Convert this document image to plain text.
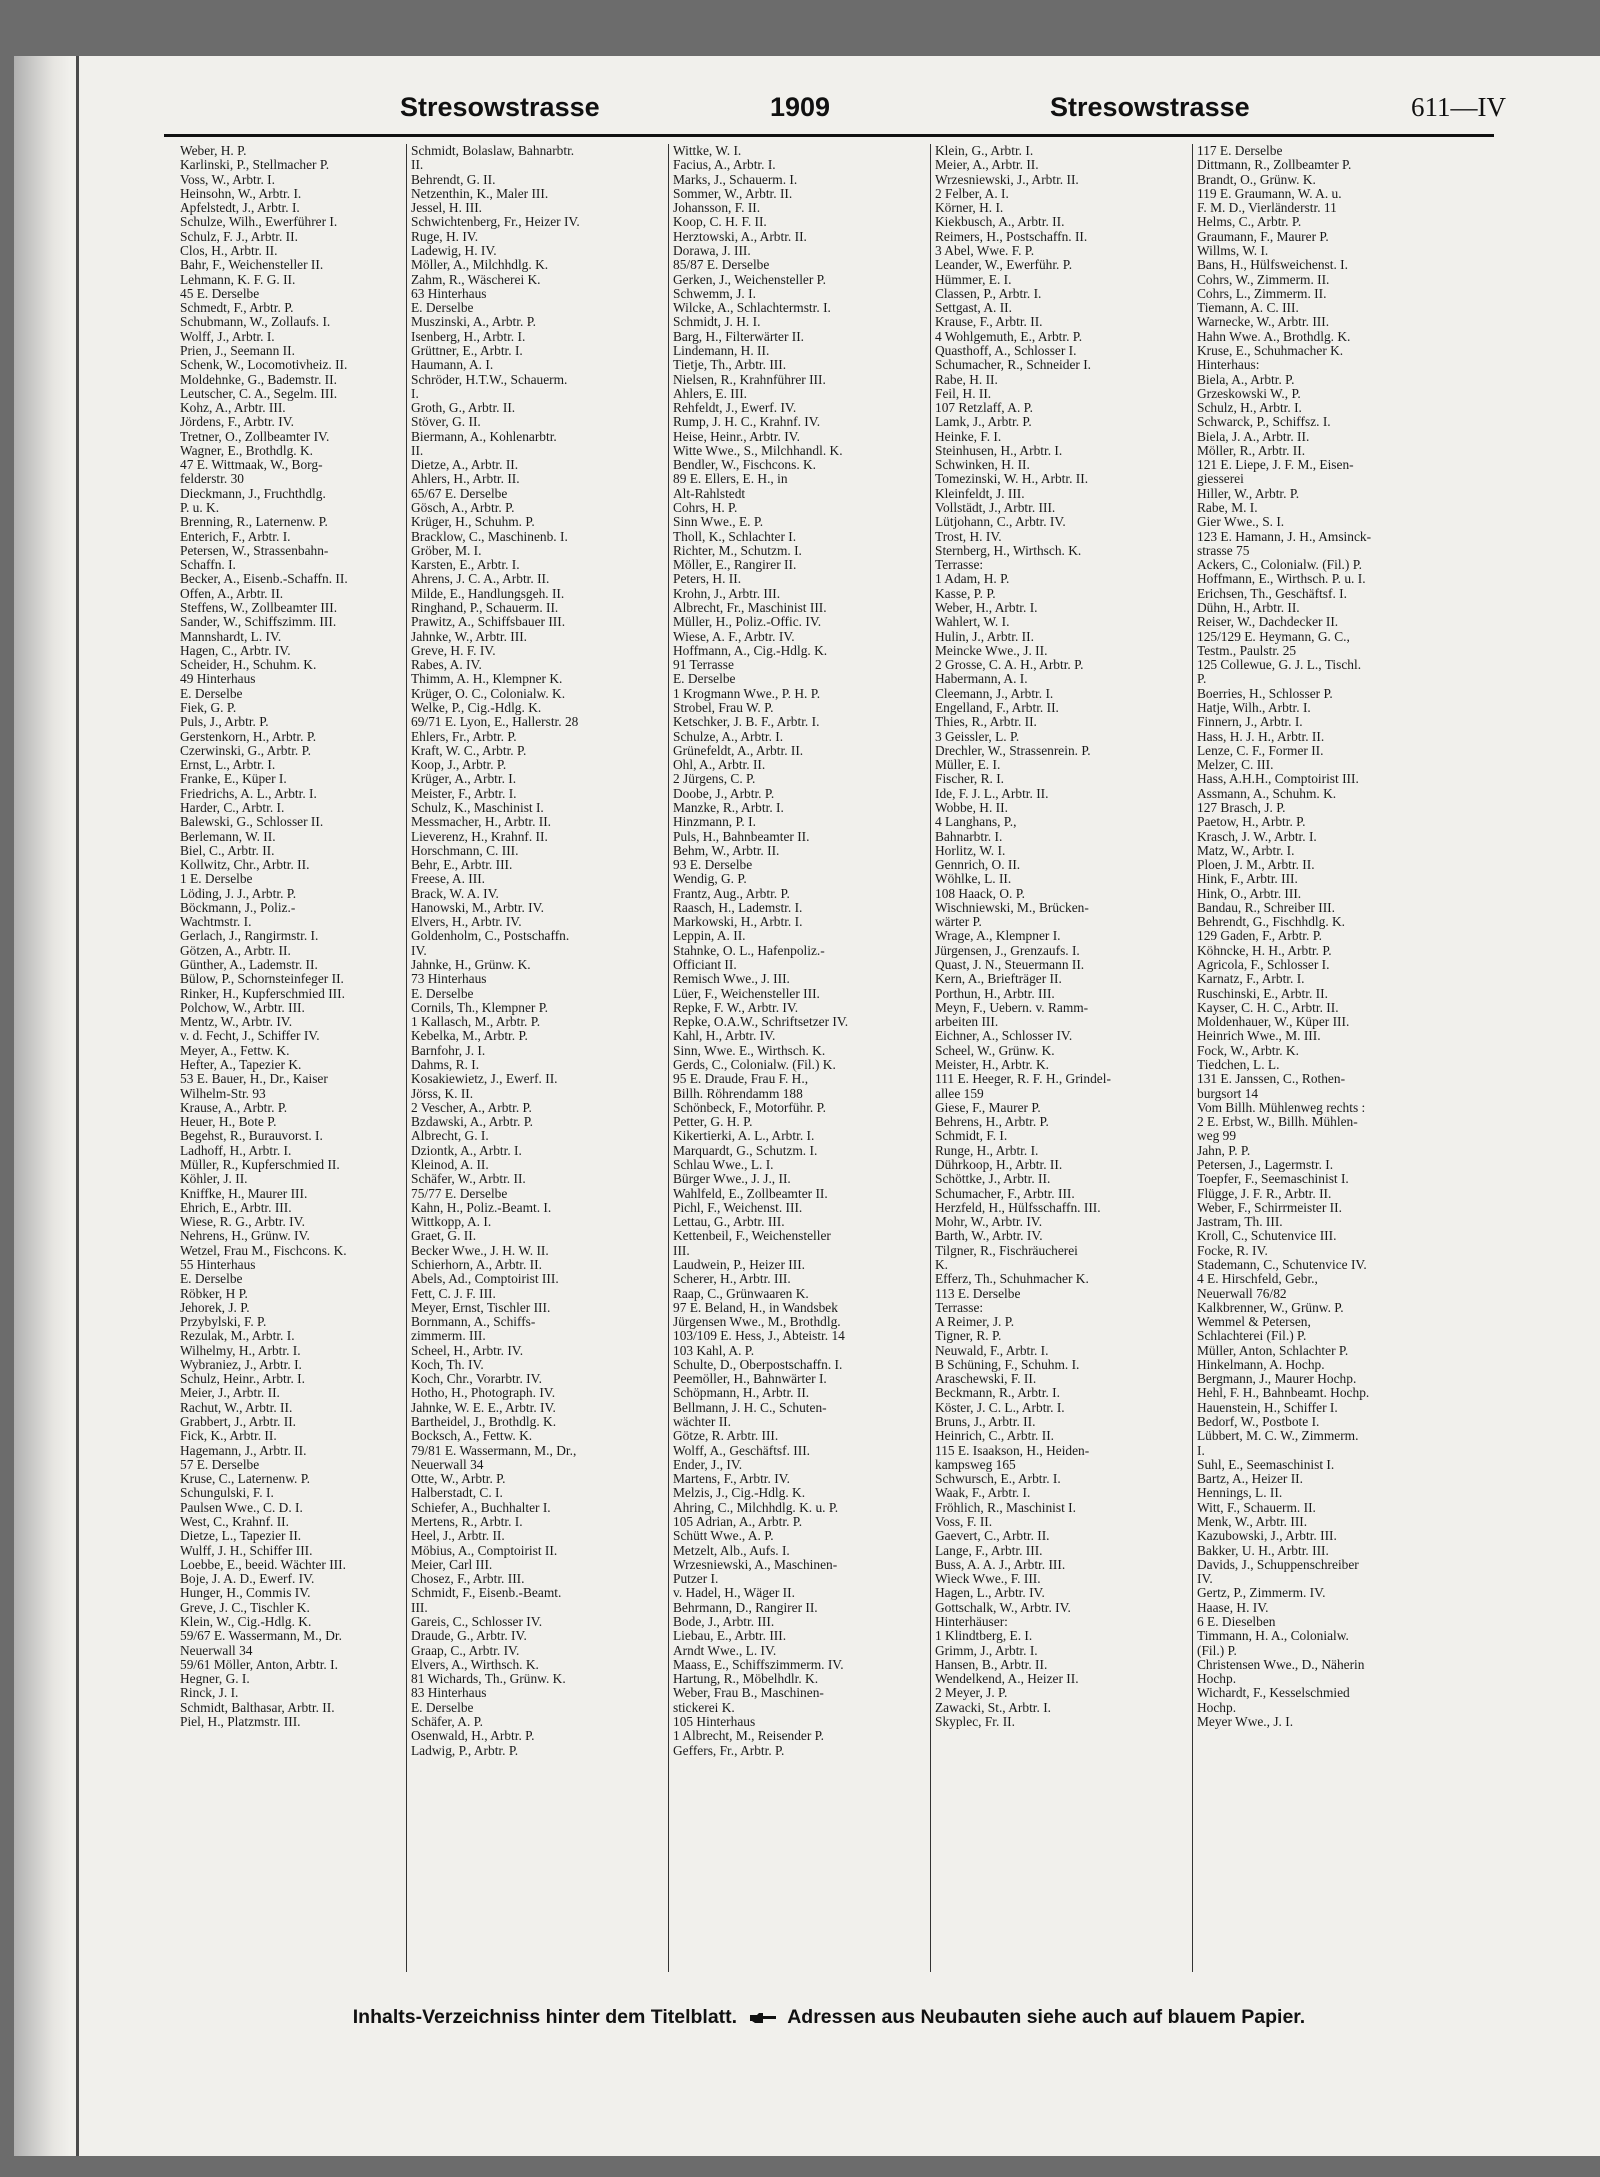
Stresowstrasse	1909	Stresowstrasse	611—IV
Weber, H. P.
Karlinski, P., Stellmacher P.
Voss, W., Arbtr. I.
Heinsohn, W., Arbtr. I.
Apfelstedt, J., Arbtr. I.
Schulze, Wilh., Ewerführer I.
Schulz, F. J., Arbtr. II.
Clos, H., Arbtr. II.
Bahr, F., Weichensteller II.
Lehmann, K. F. G. II.
45 E. Derselbe
Schmedt, F., Arbtr. P.
Schubmann, W., Zollaufs. I.
Wolff, J., Arbtr. I.
Prien, J., Seemann II.
Schenk, W., Locomotivheiz. II.
Moldehnke, G., Bademstr. II.
Leutscher, C. A., Segelm. III.
Kohz, A., Arbtr. III.
Jördens, F., Arbtr. IV.
Tretner, O., Zollbeamter IV.
Wagner, E., Brothdlg. K.
47 E. Wittmaak, W., Borg-
felderstr. 30
Dieckmann, J., Fruchthdlg.
P. u. K.
Brenning, R., Laternenw. P.
Enterich, F., Arbtr. I.
Petersen, W., Strassenbahn-
Schaffn. I.
Becker, A., Eisenb.-Schaffn. II.
Offen, A., Arbtr. II.
Steffens, W., Zollbeamter III.
Sander, W., Schiffszimm. III.
Mannshardt, L. IV.
Hagen, C., Arbtr. IV.
Scheider, H., Schuhm. K.
49 Hinterhaus
E. Derselbe
Fiek, G. P.
Puls, J., Arbtr. P.
Gerstenkorn, H., Arbtr. P.
Czerwinski, G., Arbtr. P.
Ernst, L., Arbtr. I.
Franke, E., Küper I.
Friedrichs, A. L., Arbtr. I.
Harder, C., Arbtr. I.
Balewski, G., Schlosser II.
Berlemann, W. II.
Biel, C., Arbtr. II.
Kollwitz, Chr., Arbtr. II.
1 E. Derselbe
Löding, J. J., Arbtr. P.
Böckmann, J., Poliz.-
Wachtmstr. I.
Gerlach, J., Rangirmstr. I.
Götzen, A., Arbtr. II.
Günther, A., Lademstr. II.
Bülow, P., Schornsteinfeger II.
Rinker, H., Kupferschmied III.
Polchow, W., Arbtr. III.
Mentz, W., Arbtr. IV.
v. d. Fecht, J., Schiffer IV.
Meyer, A., Fettw. K.
Hefter, A., Tapezier K.
53 E. Bauer, H., Dr., Kaiser
Wilhelm-Str. 93
Krause, A., Arbtr. P.
Heuer, H., Bote P.
Begehst, R., Burauvorst. I.
Ladhoff, H., Arbtr. I.
Müller, R., Kupferschmied II.
Köhler, J. II.
Kniffke, H., Maurer III.
Ehrich, E., Arbtr. III.
Wiese, R. G., Arbtr. IV.
Nehrens, H., Grünw. IV.
Wetzel, Frau M., Fischcons. K.
55 Hinterhaus
E. Derselbe
Röbker, H P.
Jehorek, J. P.
Przybylski, F. P.
Rezulak, M., Arbtr. I.
Wilhelmy, H., Arbtr. I.
Wybraniez, J., Arbtr. I.
Schulz, Heinr., Arbtr. I.
Meier, J., Arbtr. II.
Rachut, W., Arbtr. II.
Grabbert, J., Arbtr. II.
Fick, K., Arbtr. II.
Hagemann, J., Arbtr. II.
57 E. Derselbe
Kruse, C., Laternenw. P.
Schungulski, F. I.
Paulsen Wwe., C. D. I.
West, C., Krahnf. II.
Dietze, L., Tapezier II.
Wulff, J. H., Schiffer III.
Loebbe, E., beeid. Wächter III.
Boje, J. A. D., Ewerf. IV.
Hunger, H., Commis IV.
Greve, J. C., Tischler K.
Klein, W., Cig.-Hdlg. K.
59/67 E. Wassermann, M., Dr.
Neuerwall 34
59/61 Möller, Anton, Arbtr. I.
Hegner, G. I.
Rinck, J. I.
Schmidt, Balthasar, Arbtr. II.
Piel, H., Platzmstr. III.
Schmidt, Bolaslaw, Bahnarbtr.
II.
Behrendt, G. II.
Netzenthin, K., Maler III.
Jessel, H. III.
Schwichtenberg, Fr., Heizer IV.
Ruge, H. IV.
Ladewig, H. IV.
Möller, A., Milchhdlg. K.
Zahm, R., Wäscherei K.
63 Hinterhaus
E. Derselbe
Muszinski, A., Arbtr. P.
Isenberg, H., Arbtr. I.
Grüttner, E., Arbtr. I.
Haumann, A. I.
Schröder, H.T.W., Schauerm.
I.
Groth, G., Arbtr. II.
Stöver, G. II.
Biermann, A., Kohlenarbtr.
II.
Dietze, A., Arbtr. II.
Ahlers, H., Arbtr. II.
65/67 E. Derselbe
Gösch, A., Arbtr. P.
Krüger, H., Schuhm. P.
Bracklow, C., Maschinenb. I.
Gröber, M. I.
Karsten, E., Arbtr. I.
Ahrens, J. C. A., Arbtr. II.
Milde, E., Handlungsgeh. II.
Ringhand, P., Schauerm. II.
Prawitz, A., Schiffsbauer III.
Jahnke, W., Arbtr. III.
Greve, H. F. IV.
Rabes, A. IV.
Thimm, A. H., Klempner K.
Krüger, O. C., Colonialw. K.
Welke, P., Cig.-Hdlg. K.
69/71 E. Lyon, E., Hallerstr. 28
Ehlers, Fr., Arbtr. P.
Kraft, W. C., Arbtr. P.
Koop, J., Arbtr. P.
Krüger, A., Arbtr. I.
Meister, F., Arbtr. I.
Schulz, K., Maschinist I.
Messmacher, H., Arbtr. II.
Lieverenz, H., Krahnf. II.
Horschmann, C. III.
Behr, E., Arbtr. III.
Freese, A. III.
Brack, W. A. IV.
Hanowski, M., Arbtr. IV.
Elvers, H., Arbtr. IV.
Goldenholm, C., Postschaffn.
IV.
Jahnke, H., Grünw. K.
73 Hinterhaus
E. Derselbe
Cornils, Th., Klempner P.
1 Kallasch, M., Arbtr. P.
Kebelka, M., Arbtr. P.
Barnfohr, J. I.
Dahms, R. I.
Kosakiewietz, J., Ewerf. II.
Jörss, K. II.
2 Vescher, A., Arbtr. P.
Bzdawski, A., Arbtr. P.
Albrecht, G. I.
Dziontk, A., Arbtr. I.
Kleinod, A. II.
Schäfer, W., Arbtr. II.
75/77 E. Derselbe
Kahn, H., Poliz.-Beamt. I.
Wittkopp, A. I.
Graet, G. II.
Becker Wwe., J. H. W. II.
Schierhorn, A., Arbtr. II.
Abels, Ad., Comptoirist III.
Fett, C. J. F. III.
Meyer, Ernst, Tischler III.
Bornmann, A., Schiffs-
zimmerm. III.
Scheel, H., Arbtr. IV.
Koch, Th. IV.
Koch, Chr., Vorarbtr. IV.
Hotho, H., Photograph. IV.
Jahnke, W. E. E., Arbtr. IV.
Bartheidel, J., Brothdlg. K.
Bocksch, A., Fettw. K.
79/81 E. Wassermann, M., Dr.,
Neuerwall 34
Otte, W., Arbtr. P.
Halberstadt, C. I.
Schiefer, A., Buchhalter I.
Mertens, R., Arbtr. I.
Heel, J., Arbtr. II.
Möbius, A., Comptoirist II.
Meier, Carl III.
Chosez, F., Arbtr. III.
Schmidt, F., Eisenb.-Beamt.
III.
Gareis, C., Schlosser IV.
Draude, G., Arbtr. IV.
Graap, C., Arbtr. IV.
Elvers, A., Wirthsch. K.
81 Wichards, Th., Grünw. K.
83 Hinterhaus
E. Derselbe
Schäfer, A. P.
Osenwald, H., Arbtr. P.
Ladwig, P., Arbtr. P.
Wittke, W. I.
Facius, A., Arbtr. I.
Marks, J., Schauerm. I.
Sommer, W., Arbtr. II.
Johansson, F. II.
Koop, C. H. F. II.
Herztowski, A., Arbtr. II.
Dorawa, J. III.
85/87 E. Derselbe
Gerken, J., Weichensteller P.
Schwemm, J. I.
Wilcke, A., Schlachtermstr. I.
Schmidt, J. H. I.
Barg, H., Filterwärter II.
Lindemann, H. II.
Tietje, Th., Arbtr. III.
Nielsen, R., Krahnführer III.
Ahlers, E. III.
Rehfeldt, J., Ewerf. IV.
Rump, J. H. C., Krahnf. IV.
Heise, Heinr., Arbtr. IV.
Witte Wwe., S., Milchhandl. K.
Bendler, W., Fischcons. K.
89 E. Ellers, E. H., in
Alt-Rahlstedt
Cohrs, H. P.
Sinn Wwe., E. P.
Tholl, K., Schlachter I.
Richter, M., Schutzm. I.
Möller, E., Rangirer II.
Peters, H. II.
Krohn, J., Arbtr. III.
Albrecht, Fr., Maschinist III.
Müller, H., Poliz.-Offic. IV.
Wiese, A. F., Arbtr. IV.
Hoffmann, A., Cig.-Hdlg. K.
91 Terrasse
E. Derselbe
1 Krogmann Wwe., P. H. P.
Strobel, Frau W. P.
Ketschker, J. B. F., Arbtr. I.
Schulze, A., Arbtr. I.
Grünefeldt, A., Arbtr. II.
Ohl, A., Arbtr. II.
2 Jürgens, C. P.
Doobe, J., Arbtr. P.
Manzke, R., Arbtr. I.
Hinzmann, P. I.
Puls, H., Bahnbeamter II.
Behm, W., Arbtr. II.
93 E. Derselbe
Wendig, G. P.
Frantz, Aug., Arbtr. P.
Raasch, H., Lademstr. I.
Markowski, H., Arbtr. I.
Leppin, A. II.
Stahnke, O. L., Hafenpoliz.-
Officiant II.
Remisch Wwe., J. III.
Lüer, F., Weichensteller III.
Repke, F. W., Arbtr. IV.
Repke, O.A.W., Schriftsetzer IV.
Kahl, H., Arbtr. IV.
Sinn, Wwe. E., Wirthsch. K.
Gerds, C., Colonialw. (Fil.) K.
95 E. Draude, Frau F. H.,
Billh. Röhrendamm 188
Schönbeck, F., Motorführ. P.
Petter, G. H. P.
Kikertierki, A. L., Arbtr. I.
Marquardt, G., Schutzm. I.
Schlau Wwe., L. I.
Bürger Wwe., J. J., II.
Wahlfeld, E., Zollbeamter II.
Pichl, F., Weichenst. III.
Lettau, G., Arbtr. III.
Kettenbeil, F., Weichensteller
III.
Laudwein, P., Heizer III.
Scherer, H., Arbtr. III.
Raap, C., Grünwaaren K.
97 E. Beland, H., in Wandsbek
Jürgensen Wwe., M., Brothdlg.
103/109 E. Hess, J., Abteistr. 14
103 Kahl, A. P.
Schulte, D., Oberpostschaffn. I.
Peemöller, H., Bahnwärter I.
Schöpmann, H., Arbtr. II.
Bellmann, J. H. C., Schuten-
wächter II.
Götze, R. Arbtr. III.
Wolff, A., Geschäftsf. III.
Ender, J., IV.
Martens, F., Arbtr. IV.
Melzis, J., Cig.-Hdlg. K.
Ahring, C., Milchhdlg. K. u. P.
105 Adrian, A., Arbtr. P.
Schütt Wwe., A. P.
Metzelt, Alb., Aufs. I.
Wrzesniewski, A., Maschinen-
Putzer I.
v. Hadel, H., Wäger II.
Behrmann, D., Rangirer II.
Bode, J., Arbtr. III.
Liebau, E., Arbtr. III.
Arndt Wwe., L. IV.
Maass, E., Schiffszimmerm. IV.
Hartung, R., Möbelhdlr. K.
Weber, Frau B., Maschinen-
stickerei K.
105 Hinterhaus
1 Albrecht, M., Reisender P.
Geffers, Fr., Arbtr. P.
Klein, G., Arbtr. I.
Meier, A., Arbtr. II.
Wrzesniewski, J., Arbtr. II.
2 Felber, A. I.
Körner, H. I.
Kiekbusch, A., Arbtr. II.
Reimers, H., Postschaffn. II.
3 Abel, Wwe. F. P.
Leander, W., Ewerführ. P.
Hümmer, E. I.
Classen, P., Arbtr. I.
Settgast, A. II.
Krause, F., Arbtr. II.
4 Wohlgemuth, E., Arbtr. P.
Quasthoff, A., Schlosser I.
Schumacher, R., Schneider I.
Rabe, H. II.
Feil, H. II.
107 Retzlaff, A. P.
Lamk, J., Arbtr. P.
Heinke, F. I.
Steinhusen, H., Arbtr. I.
Schwinken, H. II.
Tomezinski, W. H., Arbtr. II.
Kleinfeldt, J. III.
Vollstädt, J., Arbtr. III.
Lütjohann, C., Arbtr. IV.
Trost, H. IV.
Sternberg, H., Wirthsch. K.
Terrasse:
1 Adam, H. P.
Kasse, P. P.
Weber, H., Arbtr. I.
Wahlert, W. I.
Hulin, J., Arbtr. II.
Meincke Wwe., J. II.
2 Grosse, C. A. H., Arbtr. P.
Habermann, A. I.
Cleemann, J., Arbtr. I.
Engelland, F., Arbtr. II.
Thies, R., Arbtr. II.
3 Geissler, L. P.
Drechler, W., Strassenrein. P.
Müller, E. I.
Fischer, R. I.
Ide, F. J. L., Arbtr. II.
Wobbe, H. II.
4 Langhans, P.,
Bahnarbtr. I.
Horlitz, W. I.
Gennrich, O. II.
Wöhlke, L. II.
108 Haack, O. P.
Wischniewski, M., Brücken-
wärter P.
Wrage, A., Klempner I.
Jürgensen, J., Grenzaufs. I.
Quast, J. N., Steuermann II.
Kern, A., Briefträger II.
Porthun, H., Arbtr. III.
Meyn, F., Uebern. v. Ramm-
arbeiten III.
Eichner, A., Schlosser IV.
Scheel, W., Grünw. K.
Meister, H., Arbtr. K.
111 E. Heeger, R. F. H., Grindel-
allee 159
Giese, F., Maurer P.
Behrens, H., Arbtr. P.
Schmidt, F. I.
Runge, H., Arbtr. I.
Dührkoop, H., Arbtr. II.
Schöttke, J., Arbtr. II.
Schumacher, F., Arbtr. III.
Herzfeld, H., Hülfsschaffn. III.
Mohr, W., Arbtr. IV.
Barth, W., Arbtr. IV.
Tilgner, R., Fischräucherei
K.
Efferz, Th., Schuhmacher K.
113 E. Derselbe
Terrasse:
A Reimer, J. P.
Tigner, R. P.
Neuwald, F., Arbtr. I.
B Schüning, F., Schuhm. I.
Araschewski, F. II.
Beckmann, R., Arbtr. I.
Köster, J. C. L., Arbtr. I.
Bruns, J., Arbtr. II.
Heinrich, C., Arbtr. II.
115 E. Isaakson, H., Heiden-
kampsweg 165
Schwursch, E., Arbtr. I.
Waak, F., Arbtr. I.
Fröhlich, R., Maschinist I.
Voss, F. II.
Gaevert, C., Arbtr. II.
Lange, F., Arbtr. III.
Buss, A. A. J., Arbtr. III.
Wieck Wwe., F. III.
Hagen, L., Arbtr. IV.
Gottschalk, W., Arbtr. IV.
Hinterhäuser:
1 Klindtberg, E. I.
Grimm, J., Arbtr. I.
Hansen, B., Arbtr. II.
Wendelkend, A., Heizer II.
2 Meyer, J. P.
Zawacki, St., Arbtr. I.
Skyplec, Fr. II.
117 E. Derselbe
Dittmann, R., Zollbeamter P.
Brandt, O., Grünw. K.
119 E. Graumann, W. A. u.
F. M. D., Vierländerstr. 11
Helms, C., Arbtr. P.
Graumann, F., Maurer P.
Willms, W. I.
Bans, H., Hülfsweichenst. I.
Cohrs, W., Zimmerm. II.
Cohrs, L., Zimmerm. II.
Tiemann, A. C. III.
Warnecke, W., Arbtr. III.
Hahn Wwe. A., Brothdlg. K.
Kruse, E., Schuhmacher K.
Hinterhaus:
Biela, A., Arbtr. P.
Grzeskowski W., P.
Schulz, H., Arbtr. I.
Schwarck, P., Schiffsz. I.
Biela, J. A., Arbtr. II.
Möller, R., Arbtr. II.
121 E. Liepe, J. F. M., Eisen-
giesserei
Hiller, W., Arbtr. P.
Rabe, M. I.
Gier Wwe., S. I.
123 E. Hamann, J. H., Amsinck-
strasse 75
Ackers, C., Colonialw. (Fil.) P.
Hoffmann, E., Wirthsch. P. u. I.
Erichsen, Th., Geschäftsf. I.
Dühn, H., Arbtr. II.
Reiser, W., Dachdecker II.
125/129 E. Heymann, G. C.,
Testm., Paulstr. 25
125 Collewue, G. J. L., Tischl.
P.
Boerries, H., Schlosser P.
Hatje, Wilh., Arbtr. I.
Finnern, J., Arbtr. I.
Hass, H. J. H., Arbtr. II.
Lenze, C. F., Former II.
Melzer, C. III.
Hass, A.H.H., Comptoirist III.
Assmann, A., Schuhm. K.
127 Brasch, J. P.
Paetow, H., Arbtr. P.
Krasch, J. W., Arbtr. I.
Matz, W., Arbtr. I.
Ploen, J. M., Arbtr. II.
Hink, F., Arbtr. III.
Hink, O., Arbtr. III.
Bandau, R., Schreiber III.
Behrendt, G., Fischhdlg. K.
129 Gaden, F., Arbtr. P.
Köhncke, H. H., Arbtr. P.
Agricola, F., Schlosser I.
Karnatz, F., Arbtr. I.
Ruschinski, E., Arbtr. II.
Kayser, C. H. C., Arbtr. II.
Moldenhauer, W., Küper III.
Heinrich Wwe., M. III.
Fock, W., Arbtr. K.
Tiedchen, L. L.
131 E. Janssen, C., Rothen-
burgsort 14
Vom Billh. Mühlenweg rechts :
2 E. Erbst, W., Billh. Mühlen-
weg 99
Jahn, P. P.
Petersen, J., Lagermstr. I.
Toepfer, F., Seemaschinist I.
Flügge, J. F. R., Arbtr. II.
Weber, F., Schirrmeister II.
Jastram, Th. III.
Kroll, C., Schutenvice III.
Focke, R. IV.
Stademann, C., Schutenvice IV.
4 E. Hirschfeld, Gebr.,
Neuerwall 76/82
Kalkbrenner, W., Grünw. P.
Wemmel & Petersen,
Schlachterei (Fil.) P.
Müller, Anton, Schlachter P.
Hinkelmann, A. Hochp.
Bergmann, J., Maurer Hochp.
Hehl, F. H., Bahnbeamt. Hochp.
Hauenstein, H., Schiffer I.
Bedorf, W., Postbote I.
Lübbert, M. C. W., Zimmerm.
I.
Suhl, E., Seemaschinist I.
Bartz, A., Heizer II.
Hennings, L. II.
Witt, F., Schauerm. II.
Menk, W., Arbtr. III.
Kazubowski, J., Arbtr. III.
Bakker, U. H., Arbtr. III.
Davids, J., Schuppenschreiber
IV.
Gertz, P., Zimmerm. IV.
Haase, H. IV.
6 E. Dieselben
Timmann, H. A., Colonialw.
(Fil.) P.
Christensen Wwe., D., Näherin
Hochp.
Wichardt, F., Kesselschmied
Hochp.
Meyer Wwe., J. I.
Inhalts-Verzeichniss hinter dem Titelblatt.	Adressen aus Neubauten siehe auch auf blauem Papier.
